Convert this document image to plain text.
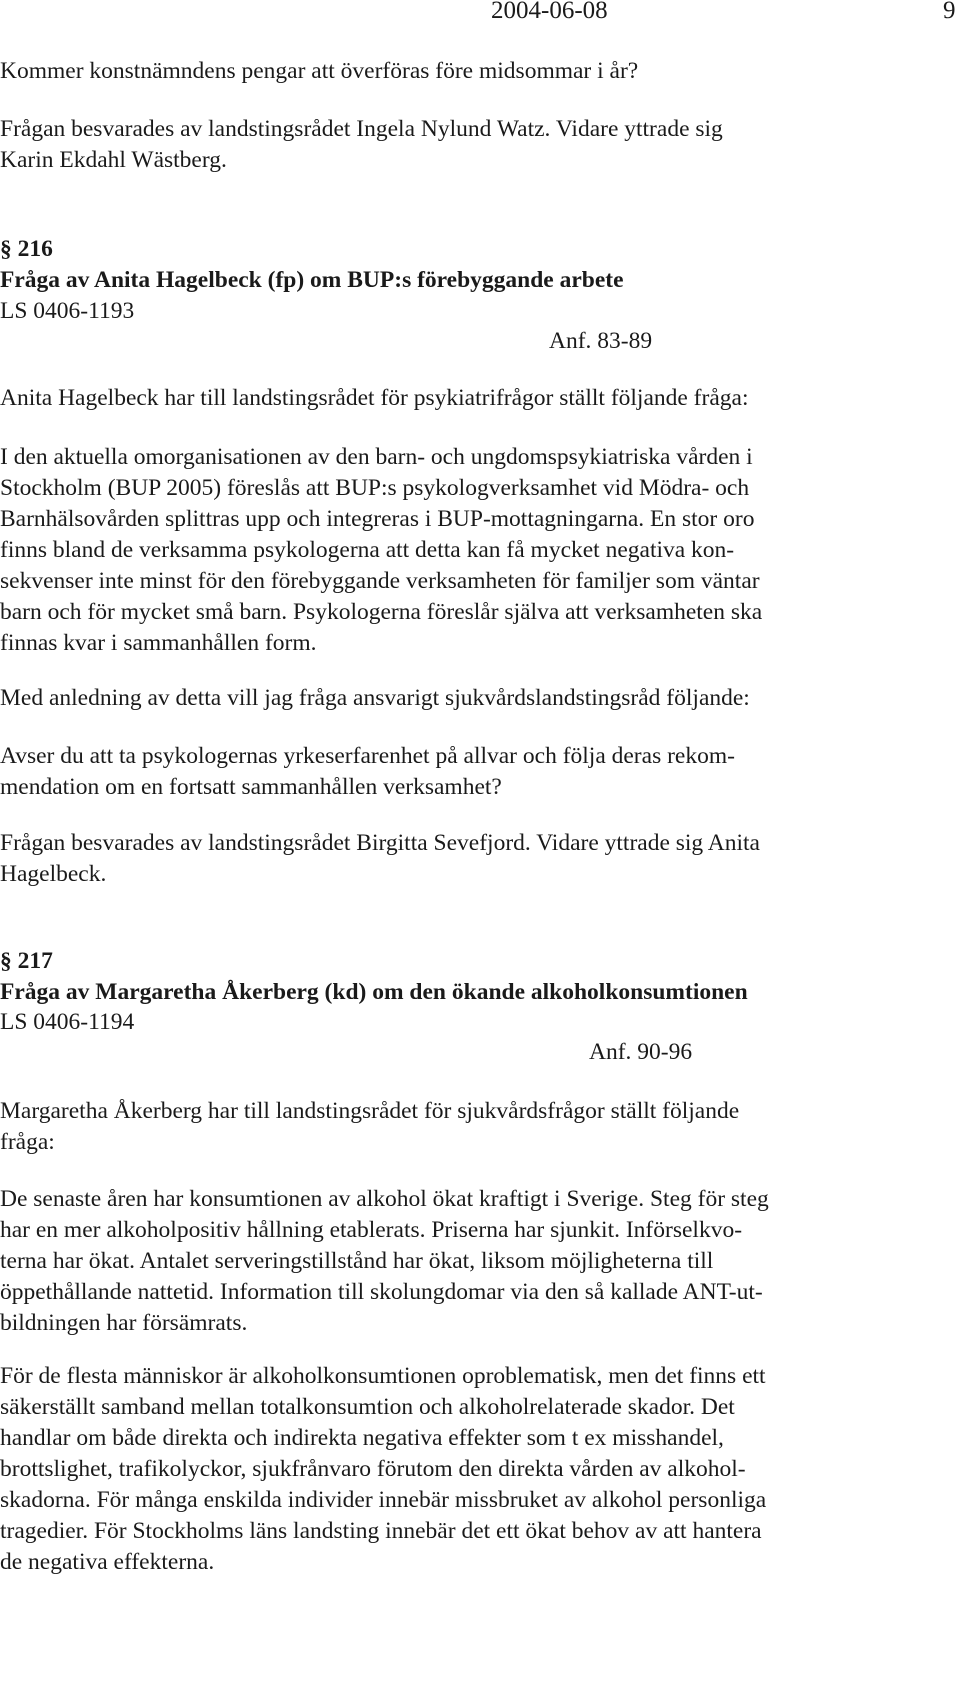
2004-06-08	9

Kommer konstnämndens pengar att överföras före midsommar i år?

Frågan besvarades av landstingsrådet Ingela Nylund Watz. Vidare yttrade sig
Karin Ekdahl Wästberg.

§ 216
Fråga av Anita Hagelbeck (fp) om BUP:s förebyggande arbete
LS 0406-1193
Anf. 83-89

Anita Hagelbeck har till landstingsrådet för psykiatrifrågor ställt följande fråga:

I den aktuella omorganisationen av den barn- och ungdomspsykiatriska vården i
Stockholm (BUP 2005) föreslås att BUP:s psykologverksamhet vid Mödra- och
Barnhälsovården splittras upp och integreras i BUP-mottagningarna. En stor oro
finns bland de verksamma psykologerna att detta kan få mycket negativa kon-
sekvenser inte minst för den förebyggande verksamheten för familjer som väntar
barn och för mycket små barn. Psykologerna föreslår själva att verksamheten ska
finnas kvar i sammanhållen form.

Med anledning av detta vill jag fråga ansvarigt sjukvårdslandstingsråd följande:

Avser du att ta psykologernas yrkeserfarenhet på allvar och följa deras rekom-
mendation om en fortsatt sammanhållen verksamhet?

Frågan besvarades av landstingsrådet Birgitta Sevefjord. Vidare yttrade sig Anita
Hagelbeck.

§ 217
Fråga av Margaretha Åkerberg (kd) om den ökande alkoholkonsumtionen
LS 0406-1194
Anf. 90-96

Margaretha Åkerberg har till landstingsrådet för sjukvårdsfrågor ställt följande
fråga:

De senaste åren har konsumtionen av alkohol ökat kraftigt i Sverige. Steg för steg
har en mer alkoholpositiv hållning etablerats. Priserna har sjunkit. Införselkvo-
terna har ökat. Antalet serveringstillstånd har ökat, liksom möjligheterna till
öppethållande nattetid. Information till skolungdomar via den så kallade ANT-ut-
bildningen har försämrats.

För de flesta människor är alkoholkonsumtionen oproblematisk, men det finns ett
säkerställt samband mellan totalkonsumtion och alkoholrelaterade skador. Det
handlar om både direkta och indirekta negativa effekter som t ex misshandel,
brottslighet, trafikolyckor, sjukfrånvaro förutom den direkta vården av alkohol-
skadorna. För många enskilda individer innebär missbruket av alkohol personliga
tragedier. För Stockholms läns landsting innebär det ett ökat behov av att hantera
de negativa effekterna.
